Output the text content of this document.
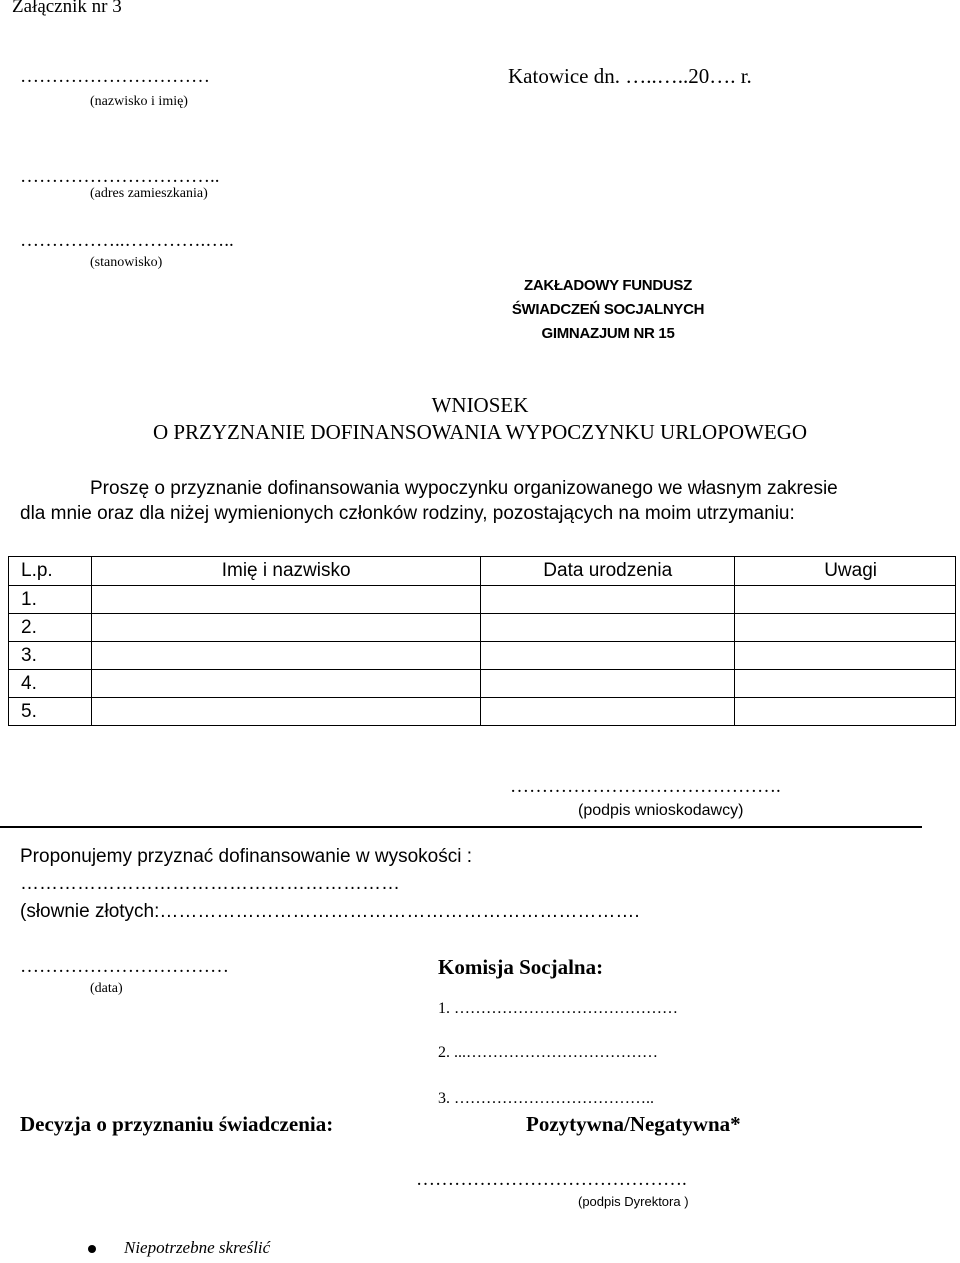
Załącznik nr 3
…………………………
(nazwisko i imię)
Katowice dn. …..…..20…. r.
…………………………..
(adres zamieszkania)
……………..………….…..
(stanowisko)
ZAKŁADOWY FUNDUSZ
ŚWIADCZEŃ SOCJALNYCH
GIMNAZJUM NR 15
WNIOSEK
O PRZYZNANIE DOFINANSOWANIA WYPOCZYNKU URLOPOWEGO
Proszę o przyznanie dofinansowania wypoczynku organizowanego we własnym zakresie
dla mnie oraz dla niżej wymienionych członków rodziny, pozostających na moim utrzymaniu:
L.p.	Imię i nazwisko	Data urodzenia	Uwagi
1.			
2.			
3.			
4.			
5.			
…………………………………….
(podpis wnioskodawcy)
Proponujemy przyznać dofinansowanie w wysokości :
……………………………………………………
(słownie złotych:………………………………………………………………….
……………………………
(data)
Komisja Socjalna:
1. ……………………………………
2. ...………………………………
3. ………………………………..
Decyzja o przyznaniu świadczenia:	Pozytywna/Negatywna*
…………………………………….
(podpis Dyrektora )
Niepotrzebne skreślić
